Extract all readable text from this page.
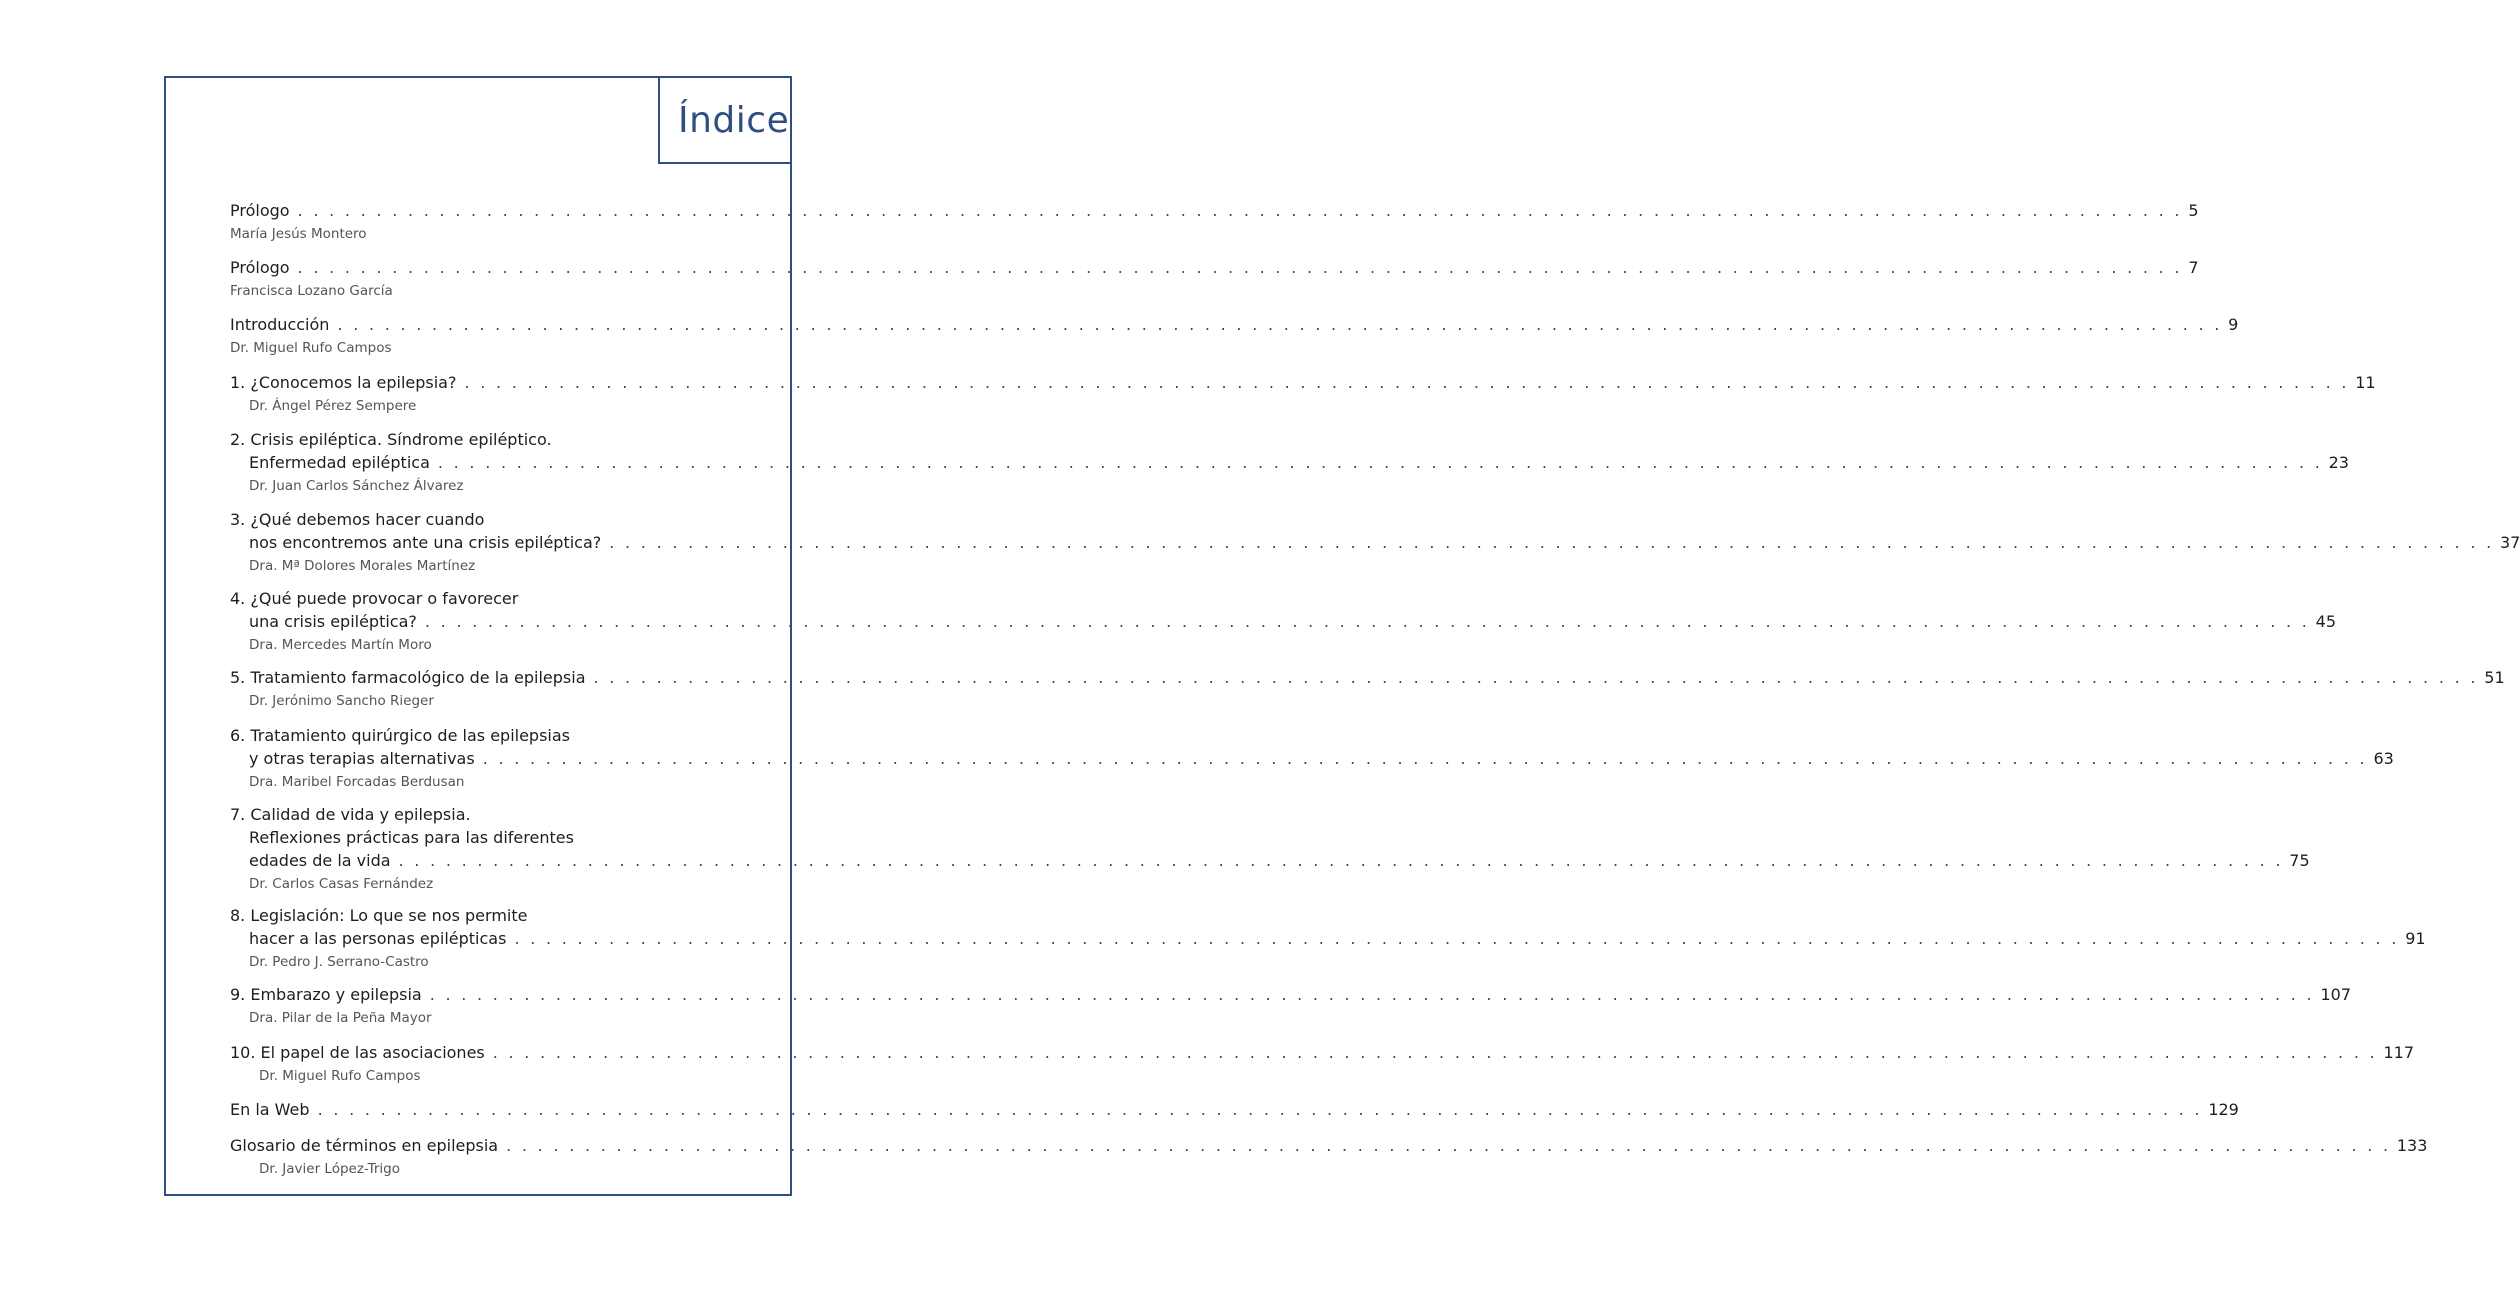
Índice
Prólogo . . . . . . . . . . . . . . . . . . . . . . . . . . . . . . . . . . . . . . . . . . . . . . . . . . . . . . . . . . . . . . . . . . . . . . . . . . . . . . . . . . . . . . . . . . . . . . . . . . . . . . . . . . . . . . . . . . . . . . . . 5
María Jesús Montero
Prólogo . . . . . . . . . . . . . . . . . . . . . . . . . . . . . . . . . . . . . . . . . . . . . . . . . . . . . . . . . . . . . . . . . . . . . . . . . . . . . . . . . . . . . . . . . . . . . . . . . . . . . . . . . . . . . . . . . . . . . . . . 7
Francisca Lozano García
Introducción . . . . . . . . . . . . . . . . . . . . . . . . . . . . . . . . . . . . . . . . . . . . . . . . . . . . . . . . . . . . . . . . . . . . . . . . . . . . . . . . . . . . . . . . . . . . . . . . . . . . . . . . . . . . . . . . . . . . . . . . 9
Dr. Miguel Rufo Campos
1. ¿Conocemos la epilepsia? . . . . . . . . . . . . . . . . . . . . . . . . . . . . . . . . . . . . . . . . . . . . . . . . . . . . . . . . . . . . . . . . . . . . . . . . . . . . . . . . . . . . . . . . . . . . . . . . . . . . . . . . . . . . . . . . . . . . . . . . 11
Dr. Ángel Pérez Sempere
2. Crisis epiléptica. Síndrome epiléptico.
Enfermedad epiléptica . . . . . . . . . . . . . . . . . . . . . . . . . . . . . . . . . . . . . . . . . . . . . . . . . . . . . . . . . . . . . . . . . . . . . . . . . . . . . . . . . . . . . . . . . . . . . . . . . . . . . . . . . . . . . . . . . . . . . . . . 23
Dr. Juan Carlos Sánchez Álvarez
3. ¿Qué debemos hacer cuando
nos encontremos ante una crisis epiléptica? . . . . . . . . . . . . . . . . . . . . . . . . . . . . . . . . . . . . . . . . . . . . . . . . . . . . . . . . . . . . . . . . . . . . . . . . . . . . . . . . . . . . . . . . . . . . . . . . . . . . . . . . . . . . . . . . . . . . . . . . 37
Dra. Mª Dolores Morales Martínez
4. ¿Qué puede provocar o favorecer
una crisis epiléptica? . . . . . . . . . . . . . . . . . . . . . . . . . . . . . . . . . . . . . . . . . . . . . . . . . . . . . . . . . . . . . . . . . . . . . . . . . . . . . . . . . . . . . . . . . . . . . . . . . . . . . . . . . . . . . . . . . . . . . . . . 45
Dra. Mercedes Martín Moro
5. Tratamiento farmacológico de la epilepsia . . . . . . . . . . . . . . . . . . . . . . . . . . . . . . . . . . . . . . . . . . . . . . . . . . . . . . . . . . . . . . . . . . . . . . . . . . . . . . . . . . . . . . . . . . . . . . . . . . . . . . . . . . . . . . . . . . . . . . . . 51
Dr. Jerónimo Sancho Rieger
6. Tratamiento quirúrgico de las epilepsias
y otras terapias alternativas . . . . . . . . . . . . . . . . . . . . . . . . . . . . . . . . . . . . . . . . . . . . . . . . . . . . . . . . . . . . . . . . . . . . . . . . . . . . . . . . . . . . . . . . . . . . . . . . . . . . . . . . . . . . . . . . . . . . . . . . 63
Dra. Maribel Forcadas Berdusan
7. Calidad de vida y epilepsia.
Reflexiones prácticas para las diferentes
edades de la vida . . . . . . . . . . . . . . . . . . . . . . . . . . . . . . . . . . . . . . . . . . . . . . . . . . . . . . . . . . . . . . . . . . . . . . . . . . . . . . . . . . . . . . . . . . . . . . . . . . . . . . . . . . . . . . . . . . . . . . . . 75
Dr. Carlos Casas Fernández
8. Legislación: Lo que se nos permite
hacer a las personas epilépticas . . . . . . . . . . . . . . . . . . . . . . . . . . . . . . . . . . . . . . . . . . . . . . . . . . . . . . . . . . . . . . . . . . . . . . . . . . . . . . . . . . . . . . . . . . . . . . . . . . . . . . . . . . . . . . . . . . . . . . . . 91
Dr. Pedro J. Serrano-Castro
9. Embarazo y epilepsia . . . . . . . . . . . . . . . . . . . . . . . . . . . . . . . . . . . . . . . . . . . . . . . . . . . . . . . . . . . . . . . . . . . . . . . . . . . . . . . . . . . . . . . . . . . . . . . . . . . . . . . . . . . . . . . . . . . . . . . . 107
Dra. Pilar de la Peña Mayor
10. El papel de las asociaciones . . . . . . . . . . . . . . . . . . . . . . . . . . . . . . . . . . . . . . . . . . . . . . . . . . . . . . . . . . . . . . . . . . . . . . . . . . . . . . . . . . . . . . . . . . . . . . . . . . . . . . . . . . . . . . . . . . . . . . . . 117
Dr. Miguel Rufo Campos
En la Web . . . . . . . . . . . . . . . . . . . . . . . . . . . . . . . . . . . . . . . . . . . . . . . . . . . . . . . . . . . . . . . . . . . . . . . . . . . . . . . . . . . . . . . . . . . . . . . . . . . . . . . . . . . . . . . . . . . . . . . . 129
Glosario de términos en epilepsia . . . . . . . . . . . . . . . . . . . . . . . . . . . . . . . . . . . . . . . . . . . . . . . . . . . . . . . . . . . . . . . . . . . . . . . . . . . . . . . . . . . . . . . . . . . . . . . . . . . . . . . . . . . . . . . . . . . . . . . . 133
Dr. Javier López-Trigo
